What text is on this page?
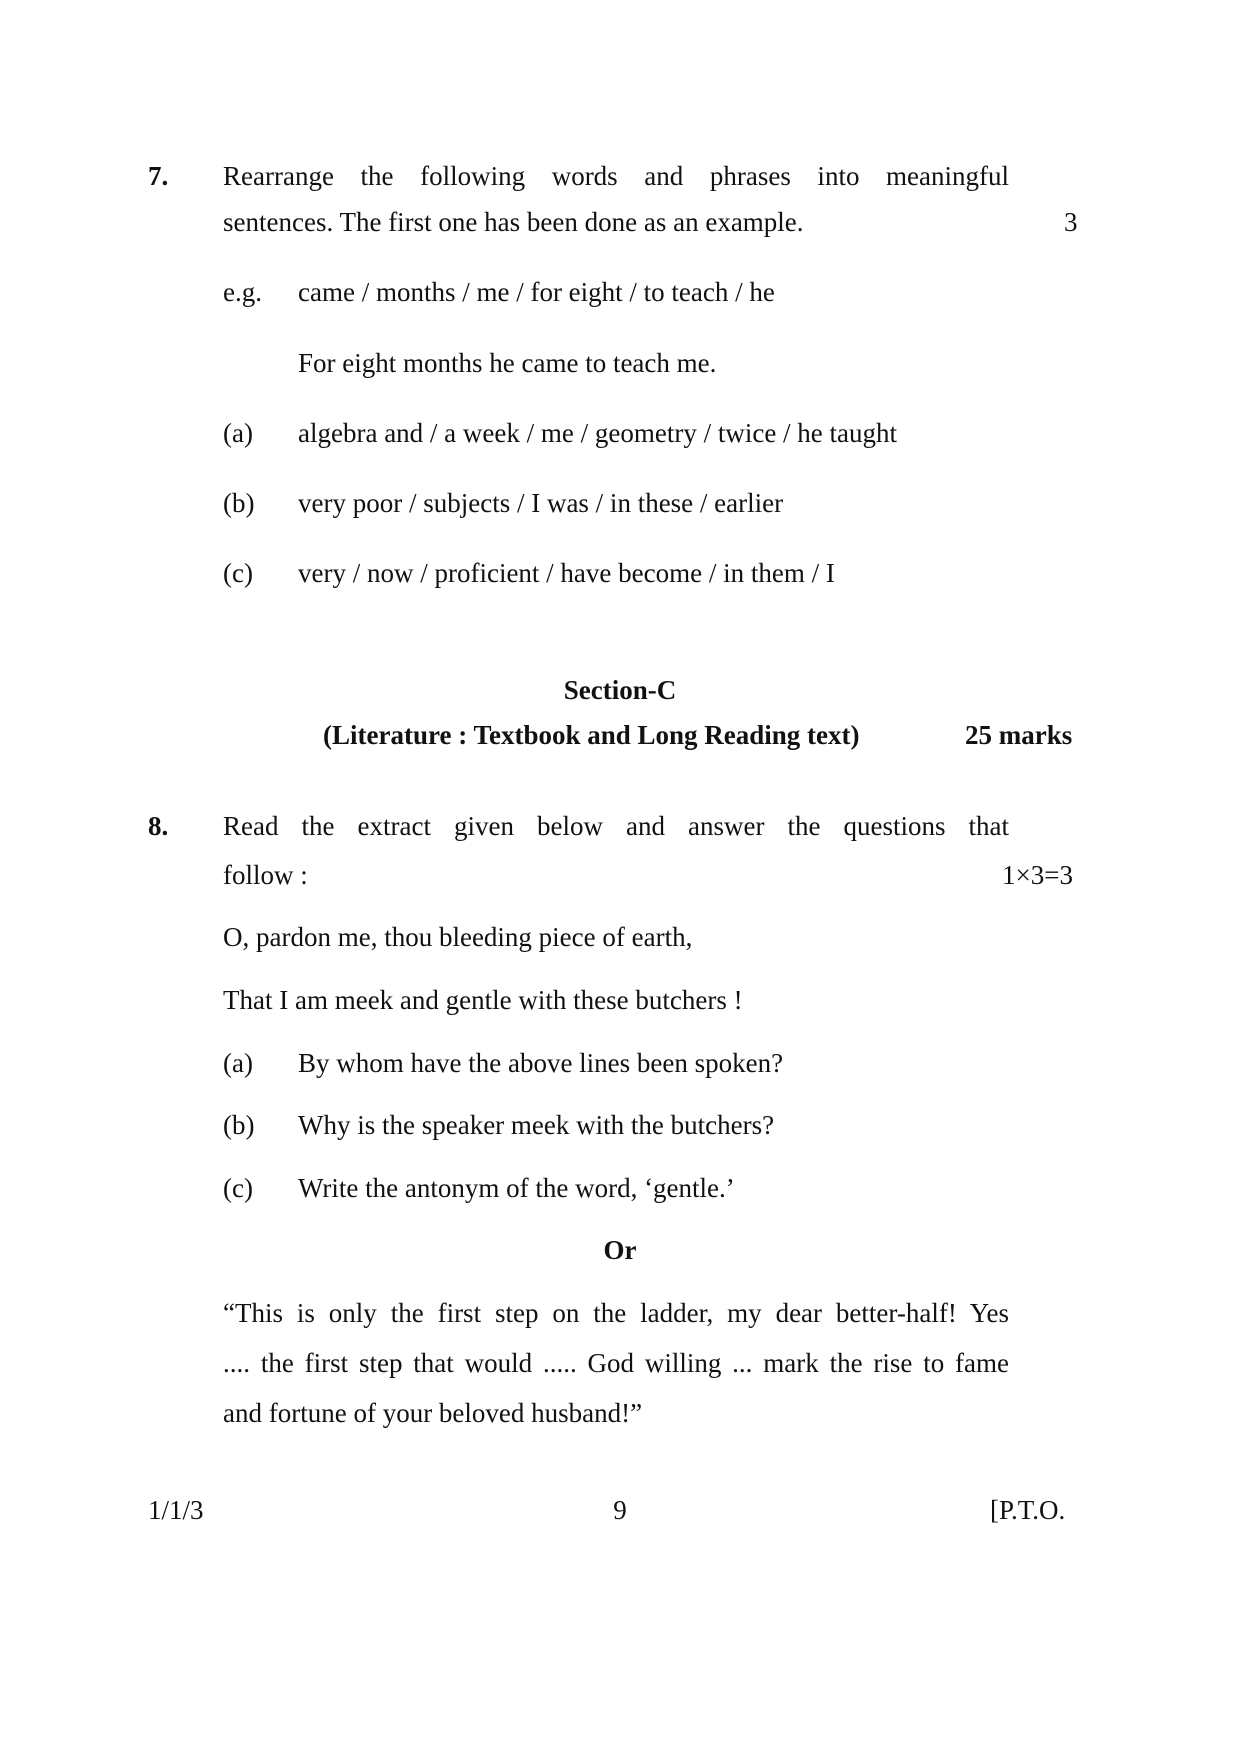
7. Rearrange the following words and phrases into meaningful
sentences. The first one has been done as an example.	3
e.g. came / months / me / for eight / to teach / he
For eight months he came to teach me.
(a) algebra and / a week / me / geometry / twice / he taught
(b) very poor / subjects / I was / in these / earlier
(c) very / now / proficient / have become / in them / I
Section-C
(Literature : Textbook and Long Reading text)	25 marks
8. Read the extract given below and answer the questions that
follow :	1×3=3
O, pardon me, thou bleeding piece of earth,
That I am meek and gentle with these butchers !
(a) By whom have the above lines been spoken?
(b) Why is the speaker meek with the butchers?
(c) Write the antonym of the word, ‘gentle.’
Or
“This is only the first step on the ladder, my dear better-half! Yes
.... the first step that would ..... God willing ... mark the rise to fame
and fortune of your beloved husband!”
1/1/3	9	[P.T.O.
